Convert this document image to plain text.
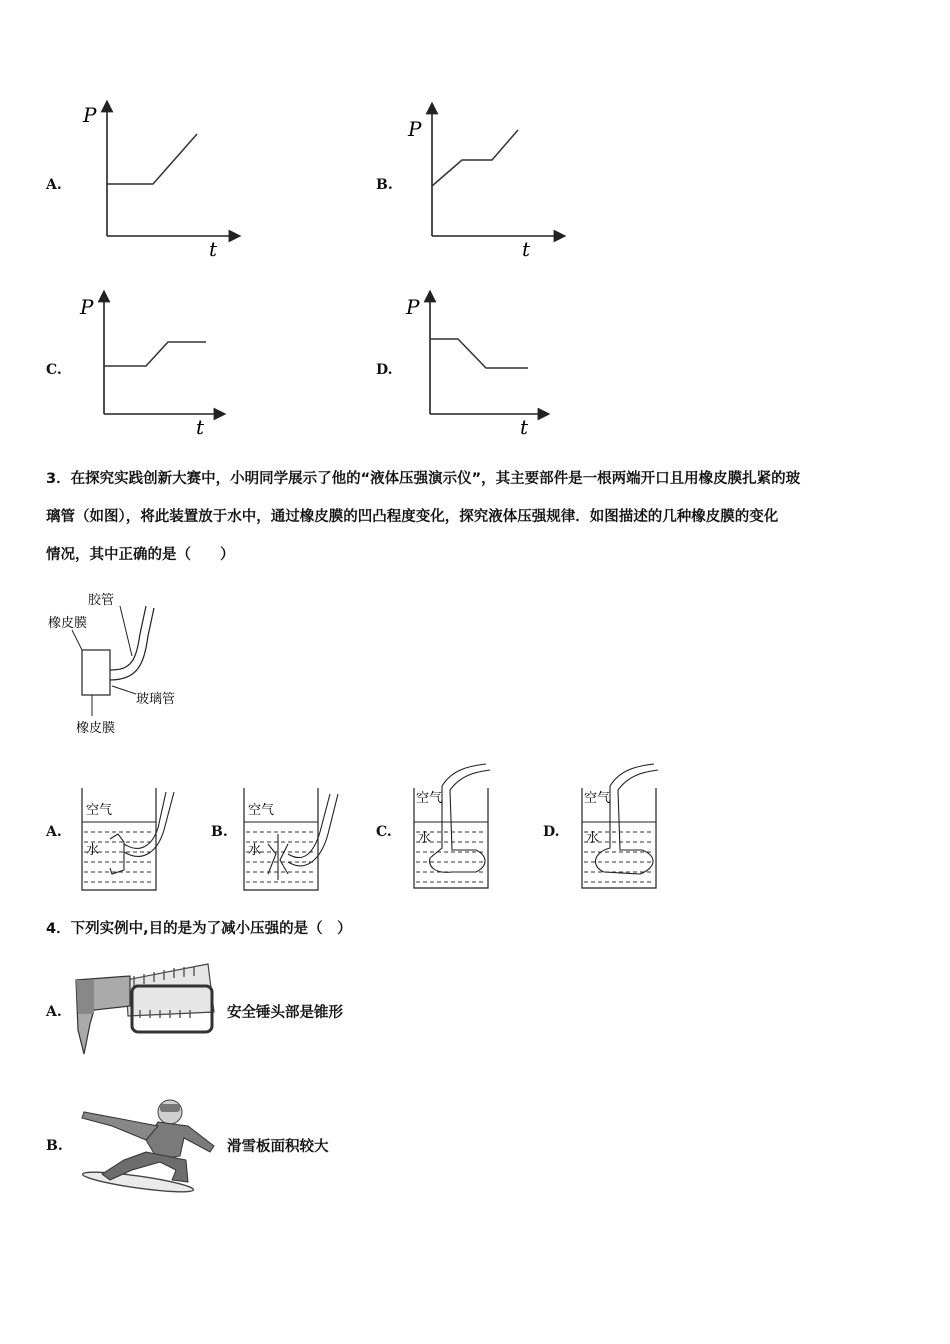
A.
P
t
B.
P
t
C.
P
t
D.
P
t
3．在探究实践创新大赛中，小明同学展示了他的“液体压强演示仪”，其主要部件是一根两端开口且用橡皮膜扎紧的玻
璃管（如图），将此装置放于水中，通过橡皮膜的凹凸程度变化，探究液体压强规律．如图描述的几种橡皮膜的变化
情况，其中正确的是（　　）
胶管
橡皮膜
玻璃管
橡皮膜
A.
空气
水
B.
空气
水
C.
空气
水	D.
空气
水
4．下列实例中,目的是为了减小压强的是（　）
A.	安全锤头部是锥形
B.	滑雪板面积较大
